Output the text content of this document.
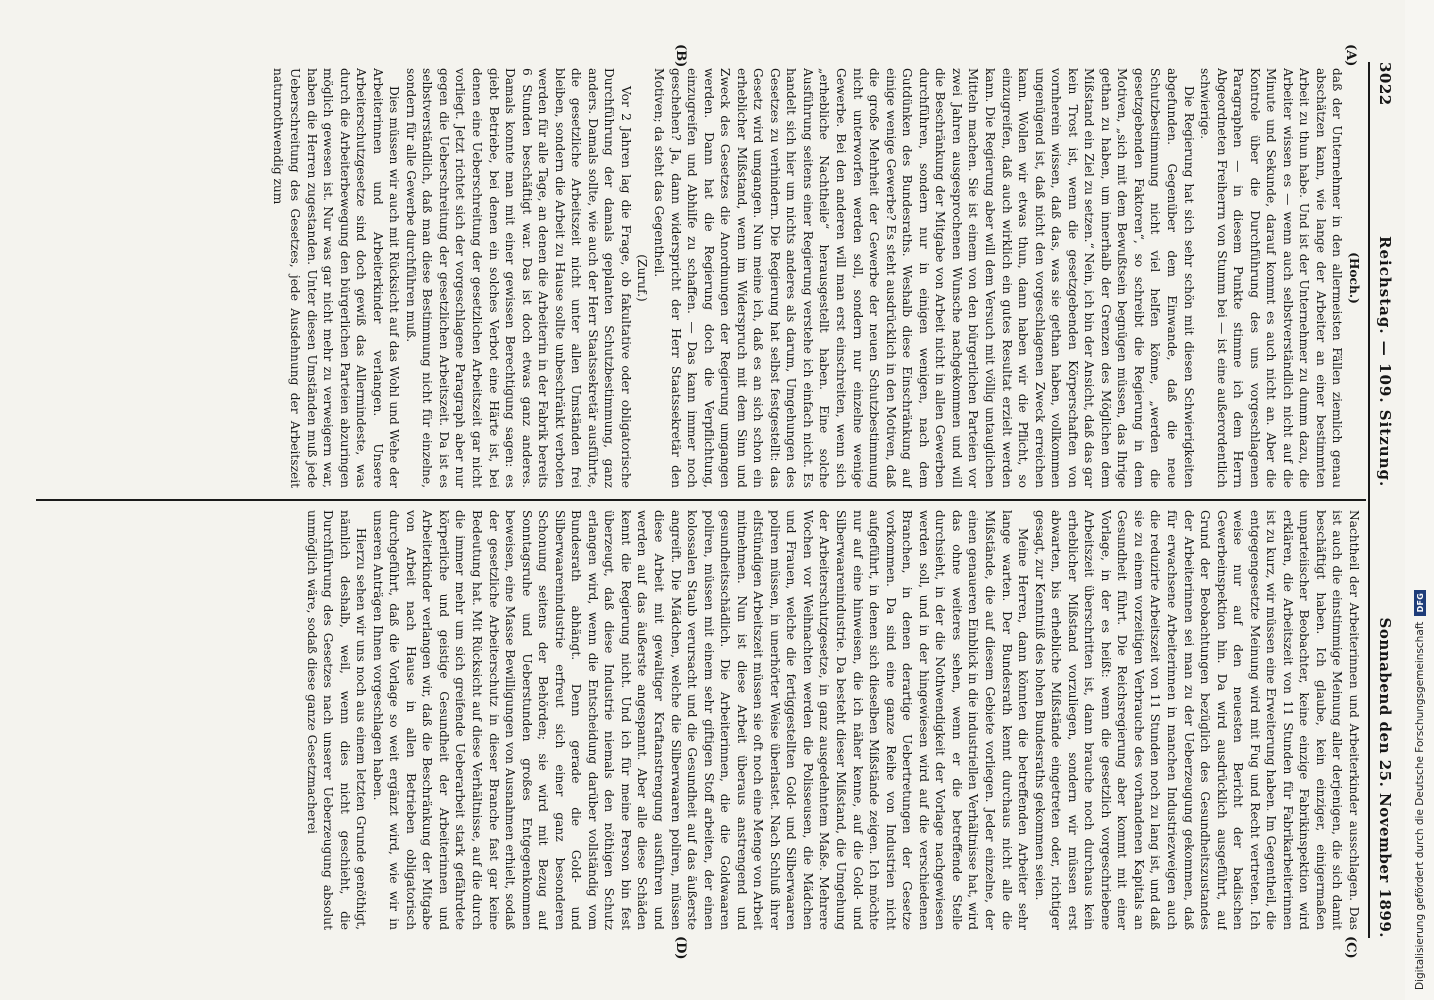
3022
Reichstag. — 109. Sitzung.
Sonnabend den 25. November 1899.
(A)
(B)
(C)
(D)

(Hoch.)

daß der Unternehmer in den allermeisten Fällen ziemlich genau abschätzen kann, wie lange der Arbeiter an einer bestimmten Arbeit zu thun habe. Und ist der Unternehmer zu dumm dazu, die Arbeiter wissen es — wenn auch selbstverständlich nicht auf die Minute und Sekunde, darauf kommt es auch nicht an. Aber die Kontrole über die Durchführung des uns vorgeschlagenen Paragraphen — in diesem Punkte stimme ich dem Herrn Abgeordneten Freiherrn von Stumm bei — ist eine außerordentlich schwierige.

Die Regierung hat sich sehr schön mit diesen Schwierigkeiten abgefunden. Gegenüber dem Einwande, daß die neue Schutzbestimmung nicht viel helfen könne, „werden die gesetzgebenden Faktoren“, so schreibt die Regierung in dem Motiven, „sich mit dem Bewußtsein begnügen müssen, das Ihrige gethan zu haben, um innerhalb der Grenzen des Möglichen dem Mißstand ein Ziel zu setzen.“ Nein, ich bin der Ansicht, daß das gar kein Trost ist, wenn die gesetzgebenden Körperschaften von vornherein wissen, daß das, was sie gethan haben, vollkommen ungenügend ist, daß nicht den vorgeschlagenen Zweck erreichen kann. Wollen wir etwas thun, dann haben wir die Pflicht, so einzugreifen, daß auch wirklich ein gutes Resultat erzielt werden kann. Die Regierung aber will dem Versuch mit völlig untauglichen Mitteln machen. Sie ist einem von den bürgerlichen Parteien vor zwei Jahren ausgesprochenen Wunsche nachgekommen und will die Beschränkung der Mitgabe von Arbeit nicht in allen Gewerben durchführen, sondern nur in einigen wenigen, nach dem Gutdünken des Bundesraths. Weshalb diese Einschränkung auf einige wenige Gewerbe? Es steht ausdrücklich in den Motiven, daß die große Mehrheit der Gewerbe der neuen Schutzbestimmung nicht unterworfen werden soll, sondern nur einzelne wenige Gewerbe. Bei den anderen will man erst einschreiten, wenn sich „erhebliche Nachtheile“ herausgestellt haben. Eine solche Ausführung seitens einer Regierung verstehe ich einfach nicht. Es handelt sich hier um nichts anderes als darum, Umgehungen des Gesetzes zu verhindern. Die Regierung hat selbst festgestellt: das Gesetz wird umgangen. Nun meine ich, daß es an sich schon ein erheblicher Mißstand, wenn im Widerspruch mit dem Sinn und Zweck des Gesetzes die Anordnungen der Regierung umgangen werden. Dann hat die Regierung doch die Verpflichtung, einzugreifen und Abhilfe zu schaffen. — Das kann immer noch geschehen? Ja, dann widerspricht der Herr Staatssekretär den Motiven; da steht das Gegentheil.

(Zuruf.)

Vor 2 Jahren lag die Frage, ob fakultative oder obligatorische Durchführung der damals geplanten Schutzbestimmung, ganz anders. Damals sollte, wie auch der Herr Staatssekretär ausführte, die gesetzliche Arbeitszeit nicht unter allen Umständen frei bleiben, sondern die Arbeit zu Hause sollte unbeschränkt verboten werden für alle Tage, an denen die Arbeiterin in der Fabrik bereits 6 Stunden beschäftigt war. Das ist doch etwas ganz anderes. Damals konnte man mit einer gewissen Berechtigung sagen: es giebt Betriebe, bei denen ein solches Verbot eine Härte ist, bei denen eine Ueberschreitung der gesetzlichen Arbeitszeit gar nicht vorliegt. Jetzt richtet sich der vorgeschlagene Paragraph aber nur gegen die Ueberschreitung der gesetzlichen Arbeitszeit. Da ist es selbstverständlich, daß man diese Bestimmung nicht für einzelne, sondern für alle Gewerbe durchführen muß.

Dies müssen wir auch mit Rücksicht auf das Wohl und Wehe der Arbeiterinnen und Arbeiterkinder verlangen. Unsere Arbeiterschutzgesetze sind doch gewiß das Allermindeste, was durch die Arbeiterbewegung den bürgerlichen Parteien abzuringen möglich gewesen ist. Nur was gar nicht mehr zu verweigern war, haben die Herren zugestanden. Unter diesen Umständen muß jede Ueberschreitung des Gesetzes, jede Ausdehnung der Arbeitszeit naturnothwendig zum

Nachtheil der Arbeiterinnen und Arbeiterkinder ausschlagen. Das ist auch die einstimmige Meinung aller derjenigen, die sich damit beschäftigt haben. Ich glaube, kein einziger, einigermaßen unparteiischer Beobachter, keine einzige Fabrikinspektion wird erklären, die Arbeitszeit von 11 Stunden für Fabrikarbeiterinnen ist zu kurz, wir müssen eine Erweiterung haben. Im Gegentheil, die entgegengesetzte Meinung wird mit Fug und Recht vertreten. Ich weise nur auf den neuesten Bericht der badischen Gewerbeinspektion hin. Da wird ausdrücklich ausgeführt, auf Grund der Beobachtungen bezüglich des Gesundheitszustandes der Arbeiterinnen sei man zu der Ueberzeugung gekommen, daß für erwachsene Arbeiterinnen in manchen Industriezweigen auch die reduzirte Arbeitszeit von 11 Stunden noch zu lang ist, und daß sie zu einem vorzeitigen Verbrauche des vorhandenen Kapitals an Gesundheit führt. Die Reichsregierung aber kommt mit einer Vorlage, in der es heißt: wenn die gesetzlich vorgeschriebene Arbeitszeit überschritten ist, dann brauche noch durchaus kein erheblicher Mißstand vorzuliegen, sondern wir müssen erst abwarten, bis erhebliche Mißstände eingetreten oder, richtiger gesagt, zur Kenntniß des hohen Bundesraths gekommen seien.

Meine Herren, dann könnten die betreffenden Arbeiter sehr lange warten. Der Bundesrath kennt durchaus nicht alle die Mißstände, die auf diesem Gebiete vorliegen. Jeder einzelne, der einen genaueren Einblick in die industriellen Verhältnisse hat, wird das ohne weiteres sehen, wenn er die betreffende Stelle durchsieht, in der die Nothwendigkeit der Vorlage nachgewiesen werden soll, und in der hingewiesen wird auf die verschiedenen Branchen, in denen derartige Uebertretungen der Gesetze vorkommen. Da sind eine ganze Reihe von Industrien nicht aufgeführt, in denen sich dieselben Mißstände zeigen. Ich möchte nur auf eine hinweisen, die ich näher kenne, auf die Gold- und Silberwaarenindustrie. Da besteht dieser Mißstand, die Umgehung der Arbeiterschutzgesetze, in ganz ausgedehntem Maße. Mehrere Wochen vor Weihnachten werden die Polisseusen, die Mädchen und Frauen, welche die fertiggestellten Gold- und Silberwaaren poliren müssen, in unerhörter Weise überlastet. Nach Schluß ihrer elfstündigen Arbeitszeit müssen sie oft noch eine Menge von Arbeit mitnehmen. Nun ist diese Arbeit überaus anstrengend und gesundheitsschädlich. Die Arbeiterinnen, die die Goldwaaren poliren, müssen mit einem sehr giftigen Stoff arbeiten, der einen kolossalen Staub verursacht und die Gesundheit auf das äußerste angreift. Die Mädchen, welche die Silberwaaren poliren, müssen diese Arbeit mit gewaltiger Kraftanstrengung ausführen und werden auf das äußerste angespannt. Aber alle diese Schäden kennt die Regierung nicht. Und ich für meine Person bin fest überzeugt, daß diese Industrie niemals den nöthigen Schutz erlangen wird, wenn die Entscheidung darüber vollständig vom Bundesrath abhängt. Denn gerade die Gold- und Silberwaarenindustrie erfreut sich einer ganz besonderen Schonung seitens der Behörden; sie wird mit Bezug auf Sonntagsruhe und Ueberstunden großes Entgegenkommen beweisen, eine Masse Bewilligungen von Ausnahmen erhielt, sodaß der gesetzliche Arbeiterschutz in dieser Branche fast gar keine Bedeutung hat. Mit Rücksicht auf diese Verhältnisse, auf die durch die immer mehr um sich greifende Ueberarbeit stark gefährdete körperliche und geistige Gesundheit der Arbeiterinnen und Arbeiterkinder verlangen wir, daß die Beschränkung der Mitgabe von Arbeit nach Hause in allen Betrieben obligatorisch durchgeführt, daß die Vorlage so weit ergänzt wird, wie wir in unseren Anträgen Ihnen vorgeschlagen haben.

Hierzu sehen wir uns noch aus einem letzten Grunde genöthigt, nämlich deshalb, weil, wenn dies nicht geschieht, die Durchführung des Gesetzes nach unserer Ueberzeugung absolut unmöglich wäre, sodaß diese ganze Gesetzmacherei	Digitalisierung gefördert durch die Deutsche Forschungsgemeinschaft
DFG
